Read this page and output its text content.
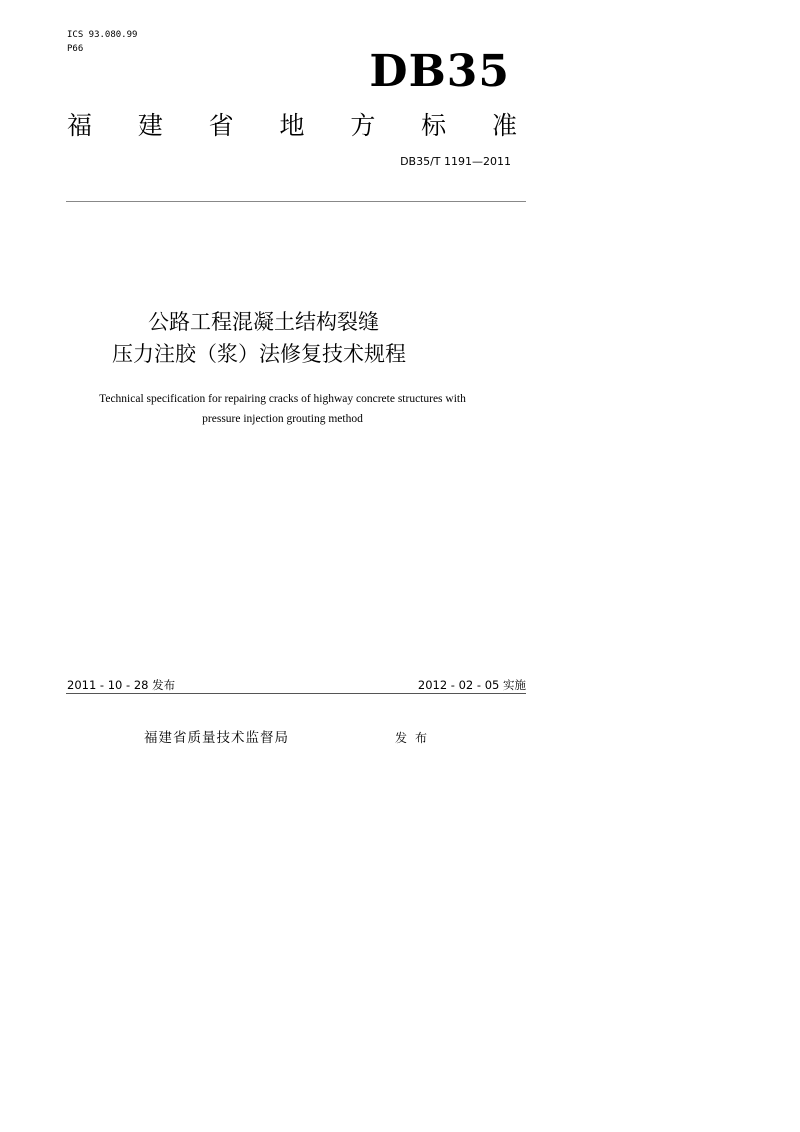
ICS 93.080.99
P66	DB35
福 建 省 地 方 标 准
DB35/T 1191—2011
公路工程混凝土结构裂缝
压力注胶（浆）法修复技术规程
Technical specification for repairing cracks of highway concrete structures with
pressure injection grouting method
2011 - 10 - 28 发布	2012 - 02 - 05 实施
福建省质量技术监督局	发布
